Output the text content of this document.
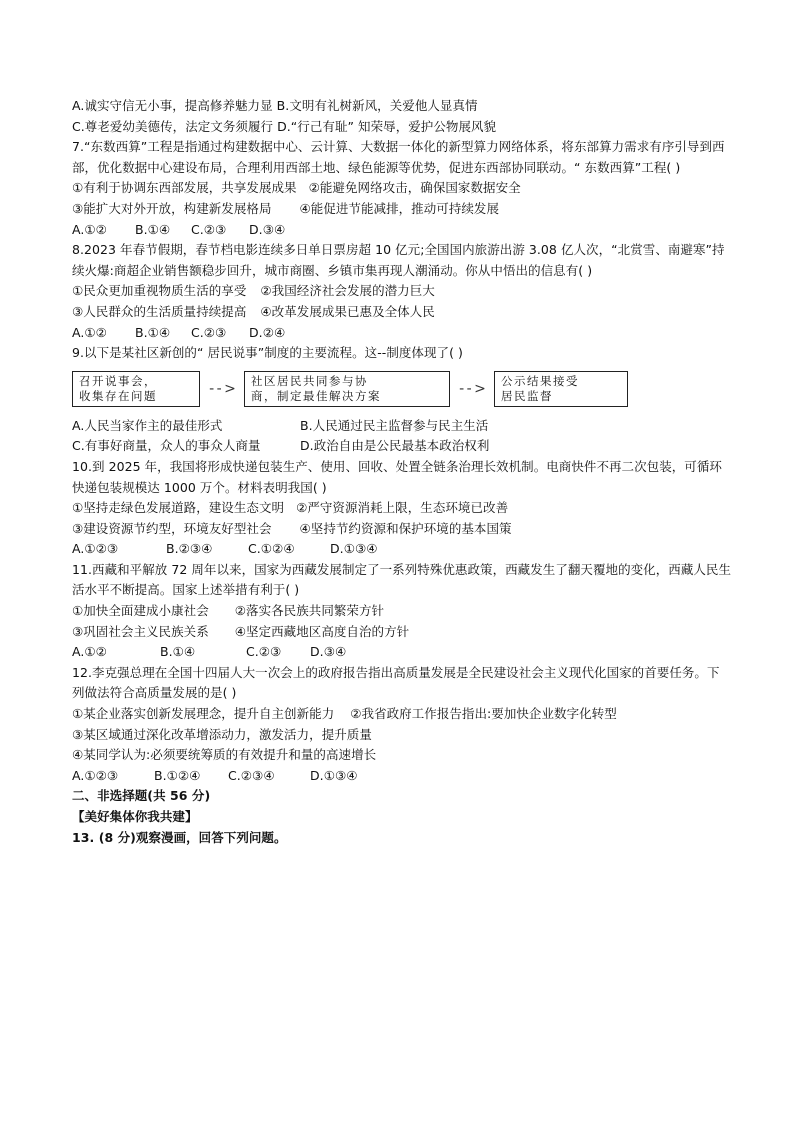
A.诚实守信无小事，提高修养魅力显 B.文明有礼树新风，关爱他人显真情
C.尊老爱幼美德传，法定文务须履行 D.“行己有耻” 知荣辱，爱护公物展风貌
7.“东数西算”工程是指通过构建数据中心、云计算、大数据一体化的新型算力网络体系，将东部算力需求有序引导到西部，优化数据中心建设布局，合理利用西部土地、绿色能源等优势，促进东西部协同联动。“ 东数西算”工程( )
①有利于协调东西部发展，共享发展成果 ②能避免网络攻击，确保国家数据安全
③能扩大对外开放，构建新发展格局 ④能促进节能减排，推动可持续发展
A.①②	B.①④	C.②③	D.③④
8.2023 年春节假期，春节档电影连续多日单日票房超 10 亿元;全国国内旅游出游 3.08 亿人次，“北赏雪、南避寒”持续火爆:商超企业销售额稳步回升，城市商圈、乡镇市集再现人潮涌动。你从中悟出的信息有( )
①民众更加重视物质生活的享受 ②我国经济社会发展的潜力巨大
③人民群众的生活质量持续提高 ④改革发展成果已惠及全体人民
A.①②	B.①④	C.②③	D.②④
9.以下是某社区新创的“ 居民说事”制度的主要流程。这--制度体现了( )
召开说事会，
收集存在问题	- - >	社区居民共同参与协
商，制定最佳解决方案	- - >	公示结果接受
居民监督
A.人民当家作主的最佳形式	B.人民通过民主监督参与民主生活
C.有事好商量，众人的事众人商量	D.政治自由是公民最基本政治权利
10.到 2025 年，我国将形成快递包装生产、使用、回收、处置全链条治理长效机制。电商快件不再二次包装，可循环快递包装规模达 1000 万个。材料表明我国( )
①坚持走绿色发展道路，建设生态文明 ②严守资源消耗上限，生态环境已改善
③建设资源节约型，环境友好型社会 ④坚持节约资源和保护环境的基本国策
A.①②③	B.②③④	C.①②④	D.①③④
11.西藏和平解放 72 周年以来，国家为西藏发展制定了一系列特殊优惠政策，西藏发生了翻天覆地的变化，西藏人民生活水平不断提高。国家上述举措有利于( )
①加快全面建成小康社会 ②落实各民族共同繁荣方针
③巩固社会主义民族关系 ④坚定西藏地区高度自治的方针
A.①②	B.①④	C.②③	D.③④
12.李克强总理在全国十四届人大一次会上的政府报告指出高质量发展是全民建设社会主义现代化国家的首要任务。下列做法符合高质量发展的是( )
①某企业落实创新发展理念，提升自主创新能力 ②我省政府工作报告指出:要加快企业数字化转型
③某区域通过深化改革增添动力，激发活力，提升质量
④某同学认为:必须要统筹质的有效提升和量的高速增长
A.①②③	B.①②④	C.②③④	D.①③④
二、非选择题(共 56 分)
【美好集体你我共建】
13. (8 分)观察漫画，回答下列问题。
